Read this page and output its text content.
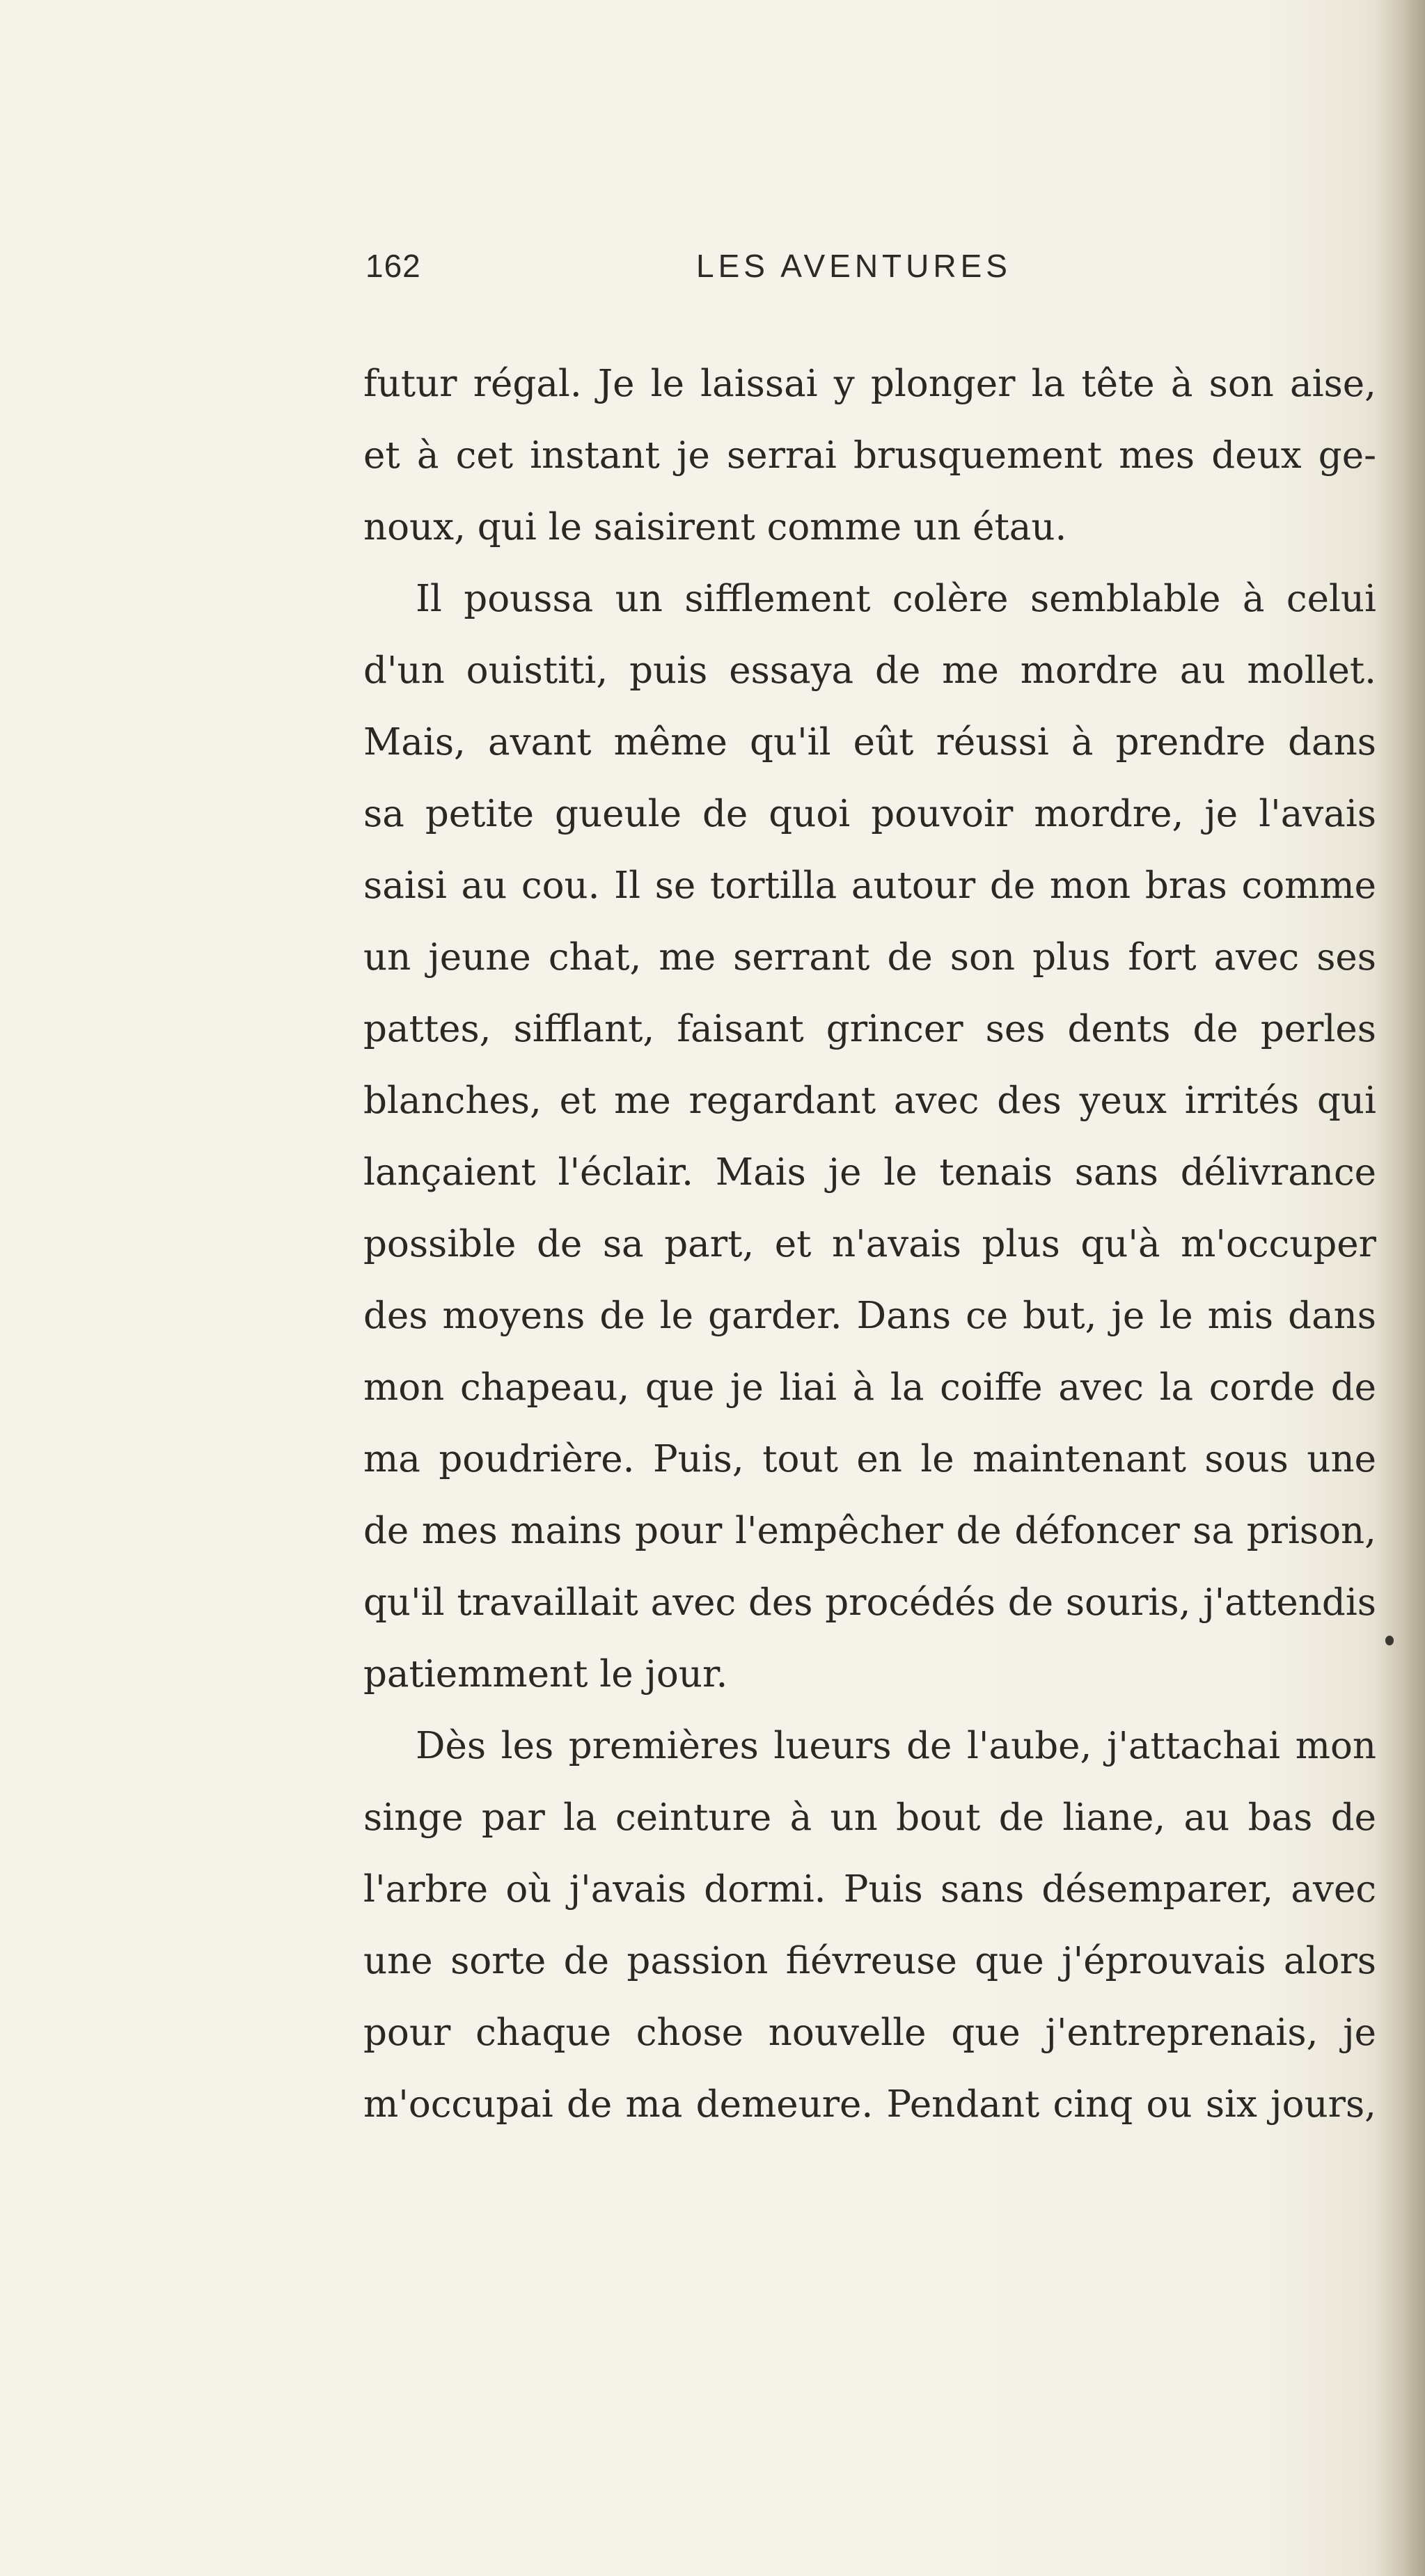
162	LES AVENTURES
futur régal. Je le laissai y plonger la tête à son aise,
et à cet instant je serrai brusquement mes deux ge-
noux, qui le saisirent comme un étau.
Il poussa un sifflement colère semblable à celui
d'un ouistiti, puis essaya de me mordre au mollet.
Mais, avant même qu'il eût réussi à prendre dans
sa petite gueule de quoi pouvoir mordre, je l'avais
saisi au cou. Il se tortilla autour de mon bras comme
un jeune chat, me serrant de son plus fort avec ses
pattes, sifflant, faisant grincer ses dents de perles
blanches, et me regardant avec des yeux irrités qui
lançaient l'éclair. Mais je le tenais sans délivrance
possible de sa part, et n'avais plus qu'à m'occuper
des moyens de le garder. Dans ce but, je le mis dans
mon chapeau, que je liai à la coiffe avec la corde de
ma poudrière. Puis, tout en le maintenant sous une
de mes mains pour l'empêcher de défoncer sa prison,
qu'il travaillait avec des procédés de souris, j'attendis
patiemment le jour.
Dès les premières lueurs de l'aube, j'attachai mon
singe par la ceinture à un bout de liane, au bas de
l'arbre où j'avais dormi. Puis sans désemparer, avec
une sorte de passion fiévreuse que j'éprouvais alors
pour chaque chose nouvelle que j'entreprenais, je
m'occupai de ma demeure. Pendant cinq ou six jours,
